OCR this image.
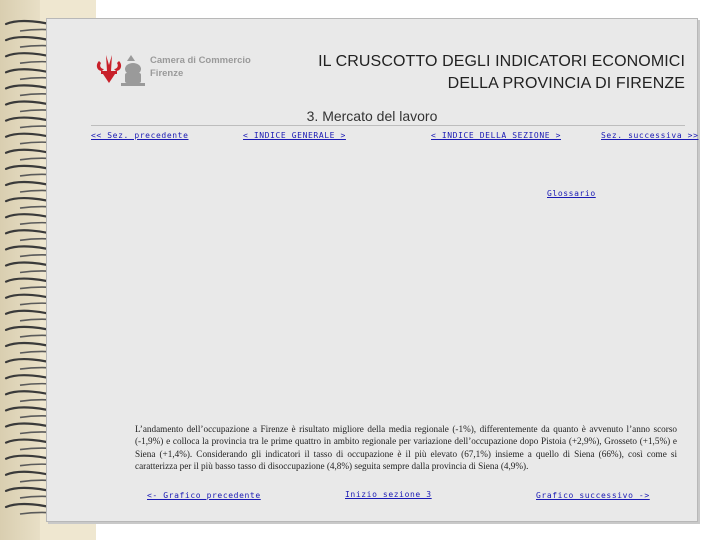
Camera di Commercio
Firenze
IL CRUSCOTTO DEGLI INDICATORI ECONOMICI
DELLA PROVINCIA DI FIRENZE
3. Mercato del lavoro
<< Sez. precedente	< INDICE GENERALE >	< INDICE DELLA SEZIONE >	Sez. successiva >>
Glossario
L’andamento dell’occupazione a Firenze è risultato migliore della media regionale (-1%), differentemente da quanto è avvenuto l’anno scorso (-1,9%) e colloca la provincia tra le prime quattro in ambito regionale per variazione dell’occupazione dopo Pistoia (+2,9%), Grosseto (+1,5%) e Siena (+1,4%). Considerando gli indicatori il tasso di occupazione è il più elevato (67,1%) insieme a quello di Siena (66%), così come si caratterizza per il più basso tasso di disoccupazione (4,8%) seguita sempre dalla provincia di Siena (4,9%).
<- Grafico precedente	Inizio sezione 3	Grafico successivo ->
